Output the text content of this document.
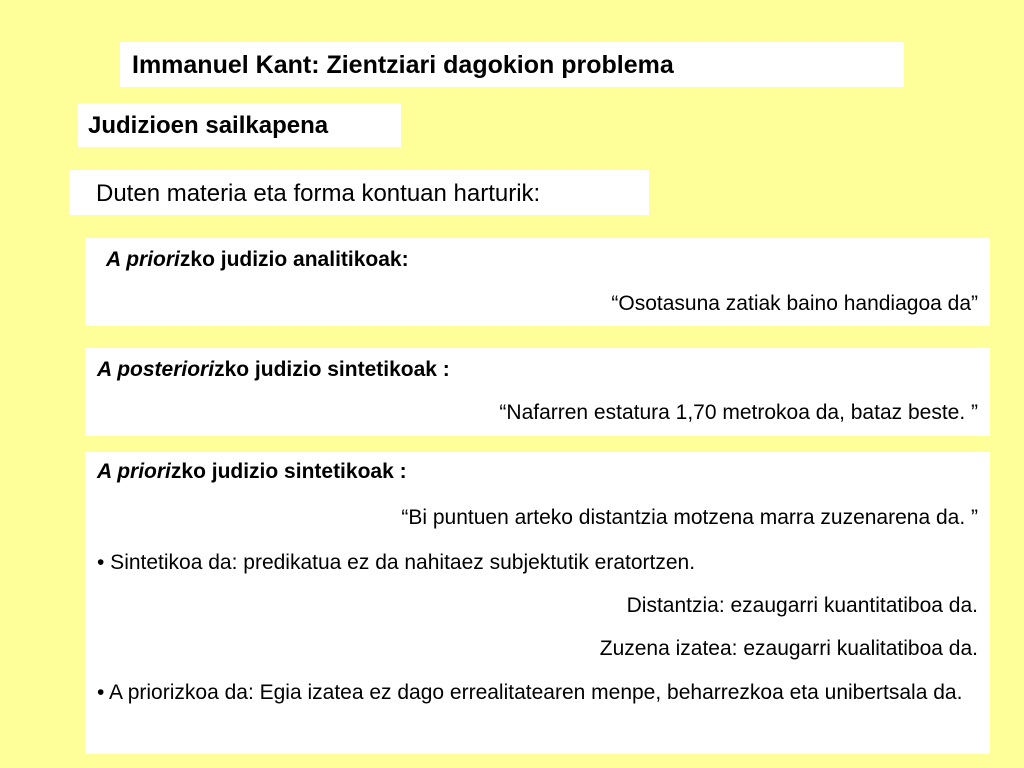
Immanuel Kant: Zientziari dagokion problema
Judizioen sailkapena
Duten materia eta forma kontuan harturik:
A priorizko judizio analitikoak:
“Osotasuna zatiak baino handiagoa da”
A posteriorizko judizio sintetikoak :
“Nafarren estatura 1,70 metrokoa da, bataz beste. ”
A priorizko judizio sintetikoak :
“Bi puntuen arteko distantzia motzena marra zuzenarena da. ”
• Sintetikoa da: predikatua ez da nahitaez subjektutik eratortzen.
Distantzia: ezaugarri kuantitatiboa da.
Zuzena izatea: ezaugarri kualitatiboa da.
• A priorizkoa da: Egia izatea ez dago errealitatearen menpe, beharrezkoa eta unibertsala da.
